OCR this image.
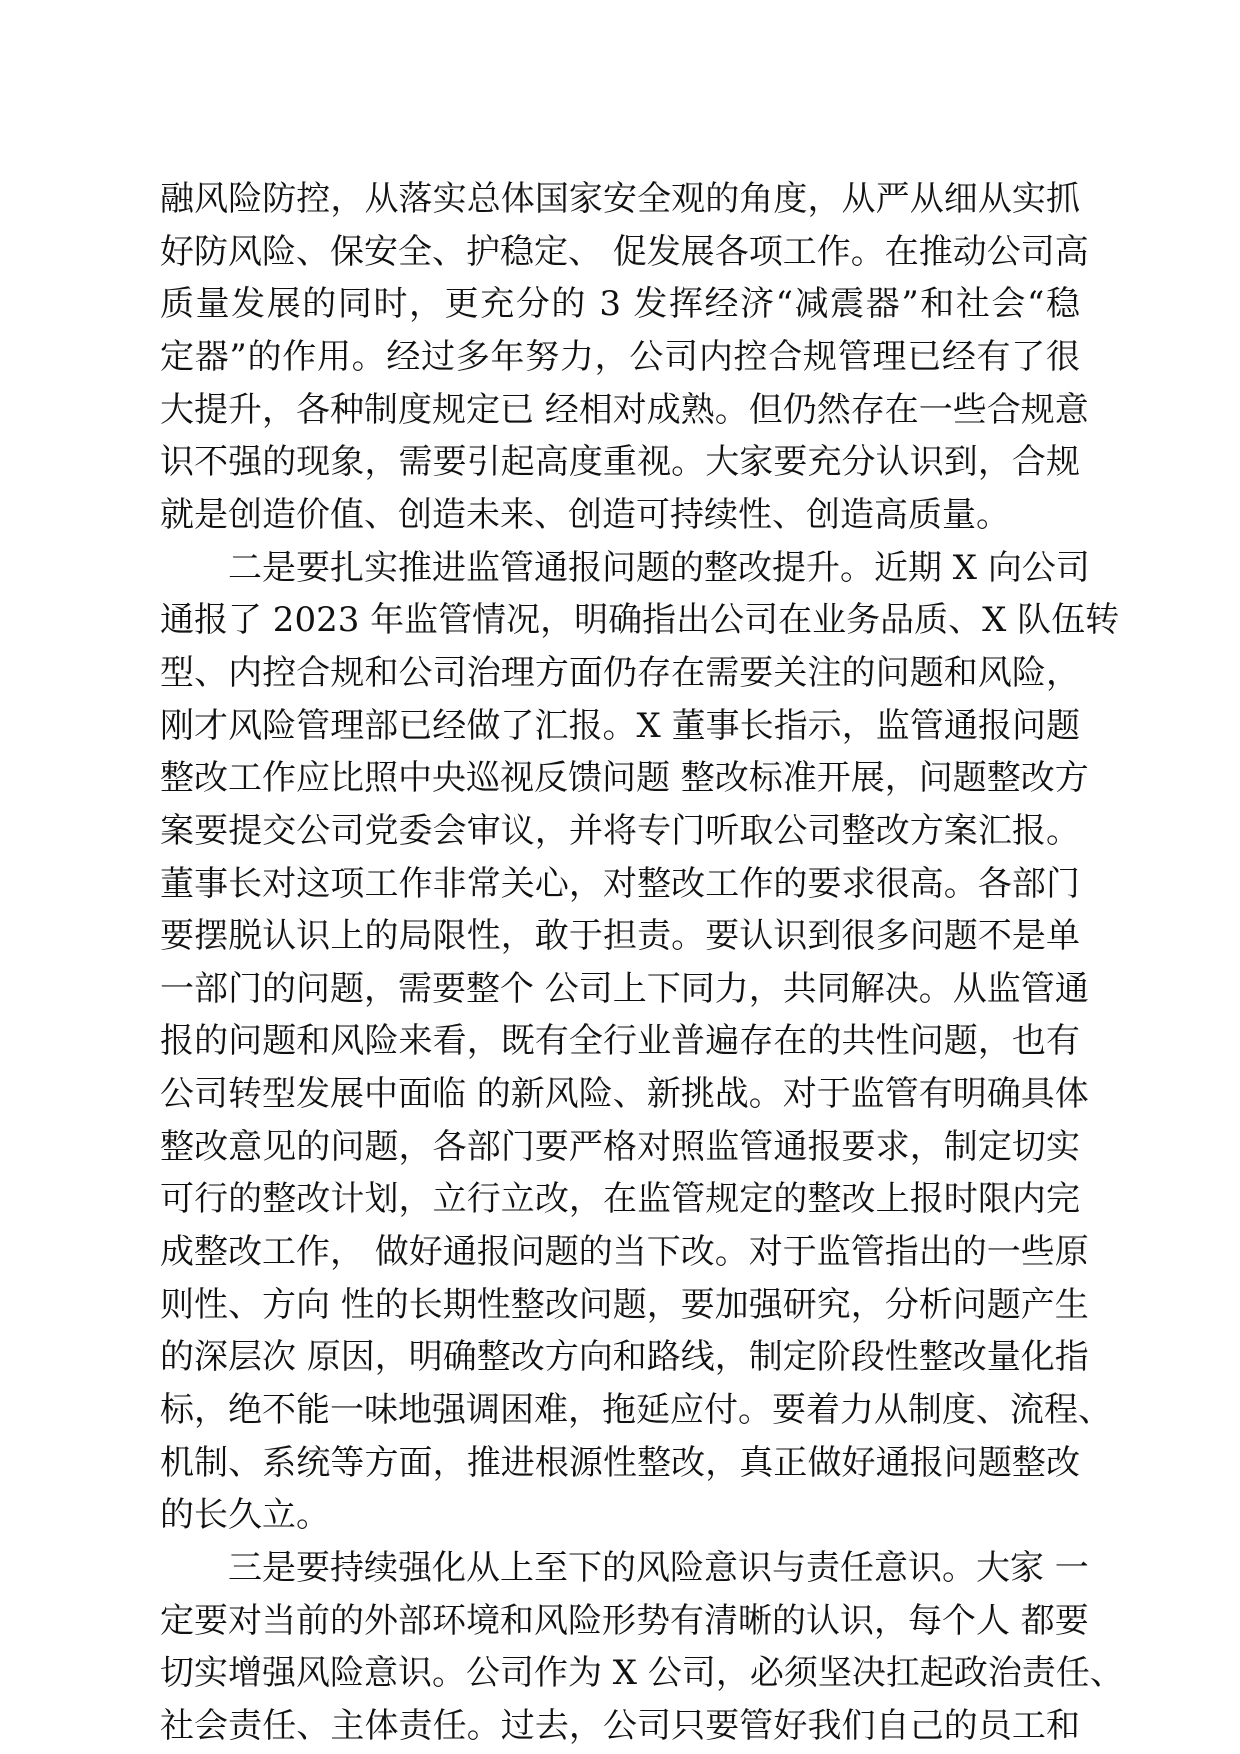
融风险防控，从落实总体国家安全观的角度，从严从细从实抓
好防风险、保安全、护稳定、 促发展各项工作。在推动公司高
质量发展的同时，更充分的 3 发挥经济“减震器”和社会“稳
定器”的作用。经过多年努力，公司内控合规管理已经有了很
大提升，各种制度规定已 经相对成熟。但仍然存在一些合规意
识不强的现象，需要引起高度重视。大家要充分认识到，合规
就是创造价值、创造未来、创造可持续性、创造高质量。
二是要扎实推进监管通报问题的整改提升。近期 X 向公司
通报了 2023 年监管情况，明确指出公司在业务品质、X 队伍转
型、内控合规和公司治理方面仍存在需要关注的问题和风险，
刚才风险管理部已经做了汇报。X 董事长指示，监管通报问题
整改工作应比照中央巡视反馈问题 整改标准开展，问题整改方
案要提交公司党委会审议，并将专门听取公司整改方案汇报。
董事长对这项工作非常关心，对整改工作的要求很高。各部门
要摆脱认识上的局限性，敢于担责。要认识到很多问题不是单
一部门的问题，需要整个 公司上下同力，共同解决。从监管通
报的问题和风险来看，既有全行业普遍存在的共性问题，也有
公司转型发展中面临 的新风险、新挑战。对于监管有明确具体
整改意见的问题，各部门要严格对照监管通报要求，制定切实
可行的整改计划，立行立改，在监管规定的整改上报时限内完
成整改工作， 做好通报问题的当下改。对于监管指出的一些原
则性、方向 性的长期性整改问题，要加强研究，分析问题产生
的深层次 原因，明确整改方向和路线，制定阶段性整改量化指
标，绝不能一味地强调困难，拖延应付。要着力从制度、流程、
机制、系统等方面，推进根源性整改，真正做好通报问题整改
的长久立。
三是要持续强化从上至下的风险意识与责任意识。大家 一
定要对当前的外部环境和风险形势有清晰的认识，每个人 都要
切实增强风险意识。公司作为 X 公司，必须坚决扛起政治责任、
社会责任、主体责任。过去，公司只要管好我们自己的员工和
